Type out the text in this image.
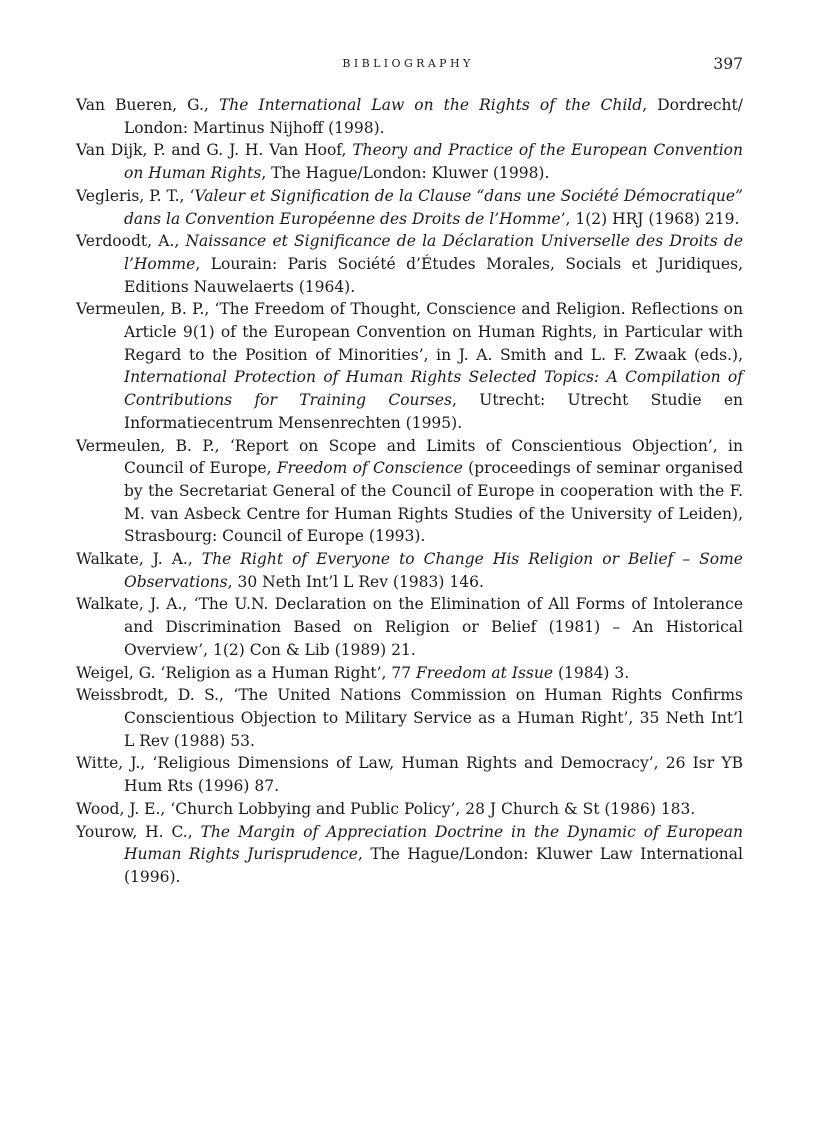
BIBLIOGRAPHY	397

Van Bueren, G., The International Law on the Rights of the Child, Dordrecht/ London: Martinus Nijhoff (1998).

Van Dijk, P. and G. J. H. Van Hoof, Theory and Practice of the European Convention on Human Rights, The Hague/London: Kluwer (1998).

Vegleris, P. T., ‘Valeur et Signification de la Clause “dans une Société Démocratique” dans la Convention Européenne des Droits de l’Homme’, 1(2) HRJ (1968) 219.

Verdoodt, A., Naissance et Significance de la Déclaration Universelle des Droits de l’Homme, Lourain: Paris Société d’Études Morales, Socials et Juridiques, Editions Nauwelaerts (1964).

Vermeulen, B. P., ‘The Freedom of Thought, Conscience and Religion. Reflections on Article 9(1) of the European Convention on Human Rights, in Particular with Regard to the Position of Minorities’, in J. A. Smith and L. F. Zwaak (eds.), International Protection of Human Rights Selected Topics: A Compilation of Contributions for Training Courses, Utrecht: Utrecht Studie en Informatiecentrum Mensenrechten (1995).

Vermeulen, B. P., ‘Report on Scope and Limits of Conscientious Objection’, in Council of Europe, Freedom of Conscience (proceedings of seminar organised by the Secretariat General of the Council of Europe in cooperation with the F. M. van Asbeck Centre for Human Rights Studies of the University of Leiden), Strasbourg: Council of Europe (1993).

Walkate, J. A., The Right of Everyone to Change His Religion or Belief – Some Observations, 30 Neth Int’l L Rev (1983) 146.

Walkate, J. A., ‘The U.N. Declaration on the Elimination of All Forms of Intolerance and Discrimination Based on Religion or Belief (1981) – An Historical Overview’, 1(2) Con & Lib (1989) 21.

Weigel, G. ‘Religion as a Human Right’, 77 Freedom at Issue (1984) 3.

Weissbrodt, D. S., ‘The United Nations Commission on Human Rights Confirms Conscientious Objection to Military Service as a Human Right’, 35 Neth Int’l L Rev (1988) 53.

Witte, J., ‘Religious Dimensions of Law, Human Rights and Democracy’, 26 Isr YB Hum Rts (1996) 87.

Wood, J. E., ‘Church Lobbying and Public Policy’, 28 J Church & St (1986) 183.

Yourow, H. C., The Margin of Appreciation Doctrine in the Dynamic of European Human Rights Jurisprudence, The Hague/London: Kluwer Law International (1996).
